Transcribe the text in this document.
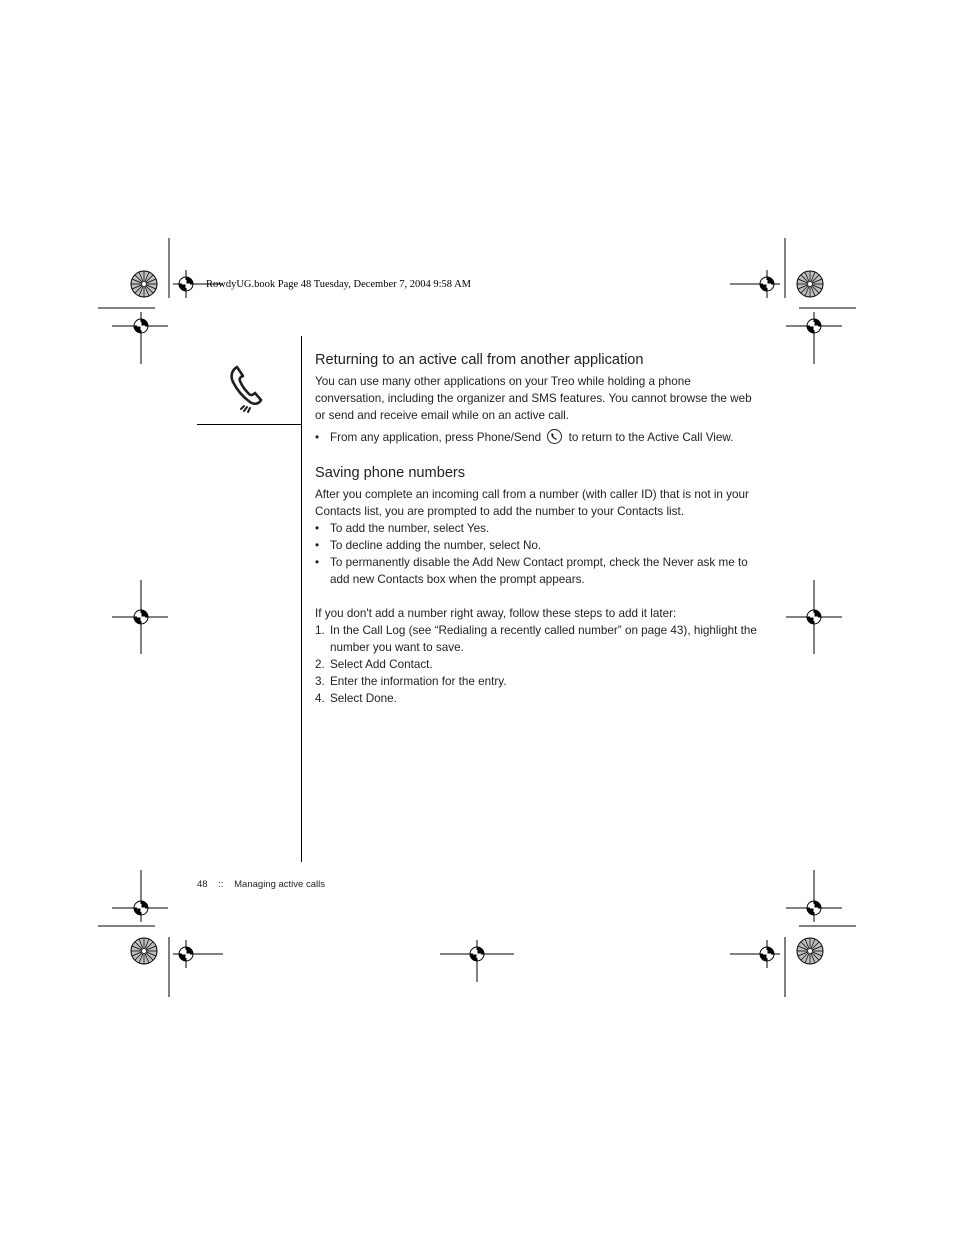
RowdyUG.book Page 48 Tuesday, December 7, 2004 9:58 AM
Returning to an active call from another application

You can use many other applications on your Treo while holding a phone conversation, including the organizer and SMS features. You cannot browse the web or send and receive email while on an active call.

• From any application, press Phone/Send to return to the Active Call View.
Saving phone numbers

After you complete an incoming call from a number (with caller ID) that is not in your Contacts list, you are prompted to add the number to your Contacts list.

• To add the number, select Yes.
• To decline adding the number, select No.
• To permanently disable the Add New Contact prompt, check the Never ask me to add new Contacts box when the prompt appears.

If you don't add a number right away, follow these steps to add it later:

1. In the Call Log (see “Redialing a recently called number” on page 43), highlight the number you want to save.
2. Select Add Contact.
3. Enter the information for the entry.
4. Select Done.
48 :: Managing active calls
